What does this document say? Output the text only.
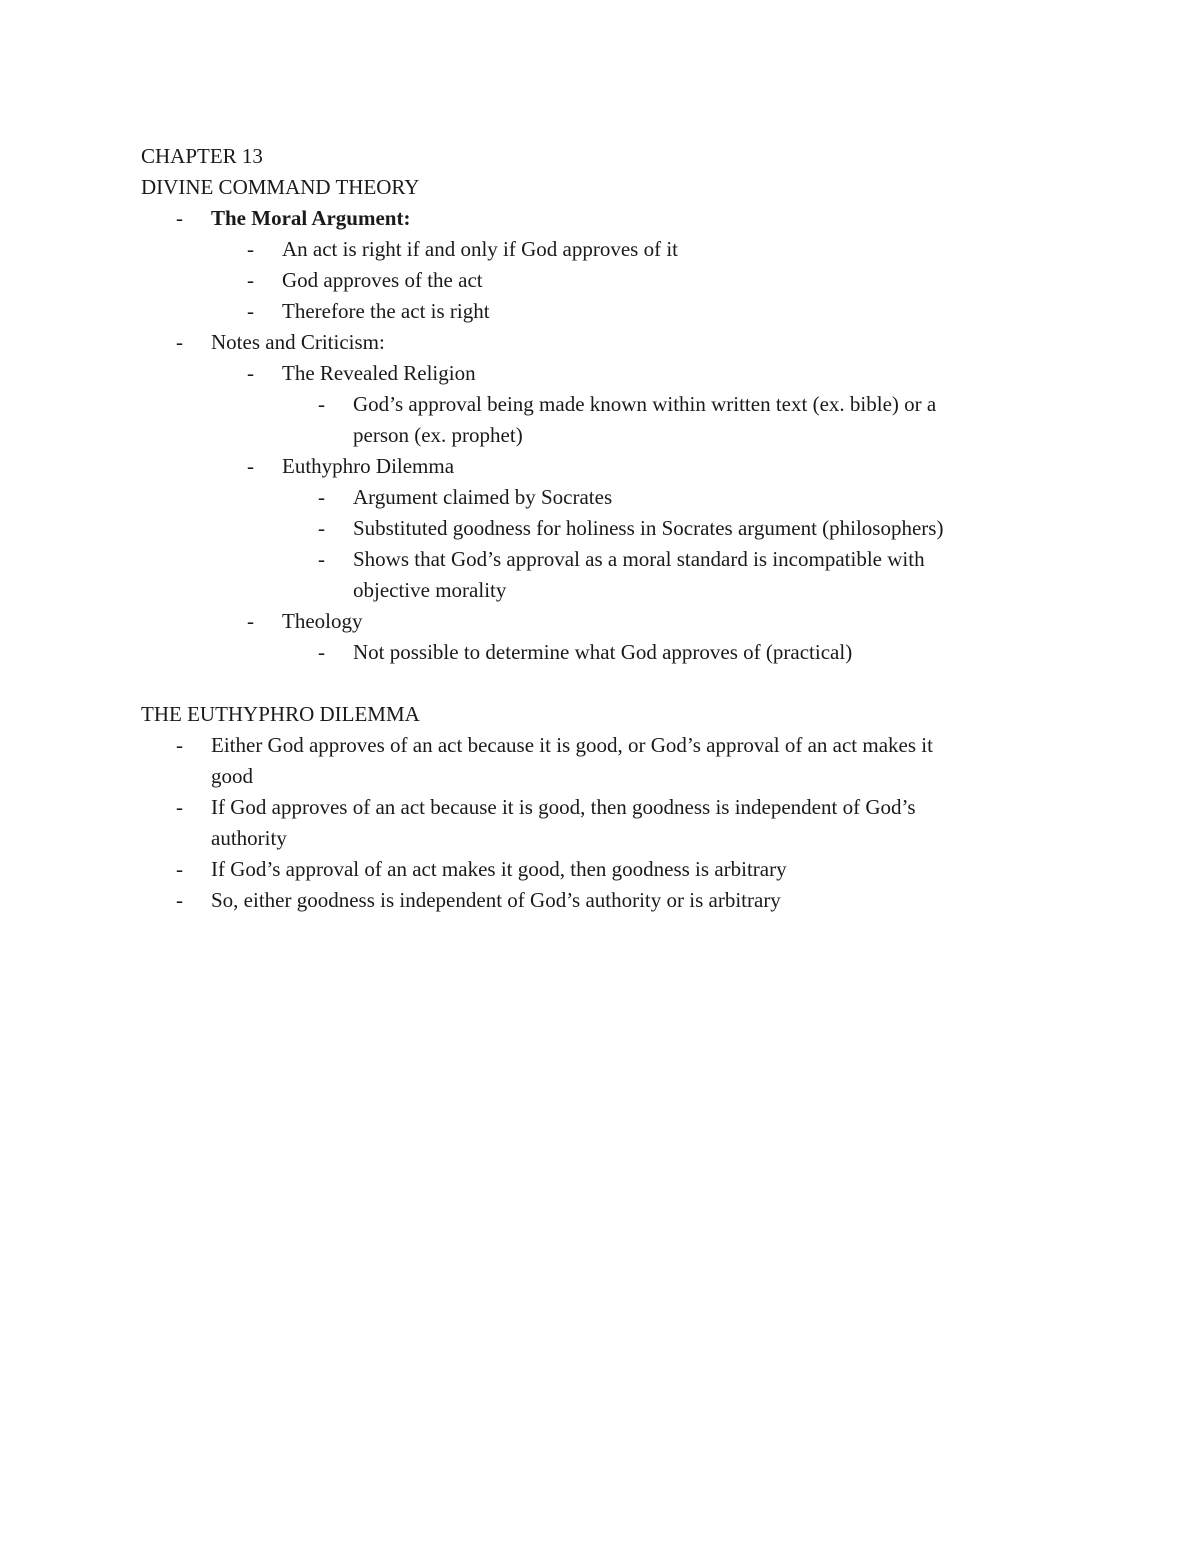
CHAPTER 13
DIVINE COMMAND THEORY
- The Moral Argument:
- An act is right if and only if God approves of it
- God approves of the act
- Therefore the act is right
- Notes and Criticism:
- The Revealed Religion
- God’s approval being made known within written text (ex. bible) or a
person (ex. prophet)
- Euthyphro Dilemma
- Argument claimed by Socrates
- Substituted goodness for holiness in Socrates argument (philosophers)
- Shows that God’s approval as a moral standard is incompatible with
objective morality
- Theology
- Not possible to determine what God approves of (practical)
THE EUTHYPHRO DILEMMA
- Either God approves of an act because it is good, or God’s approval of an act makes it
good
- If God approves of an act because it is good, then goodness is independent of God’s
authority
- If God’s approval of an act makes it good, then goodness is arbitrary
- So, either goodness is independent of God’s authority or is arbitrary
